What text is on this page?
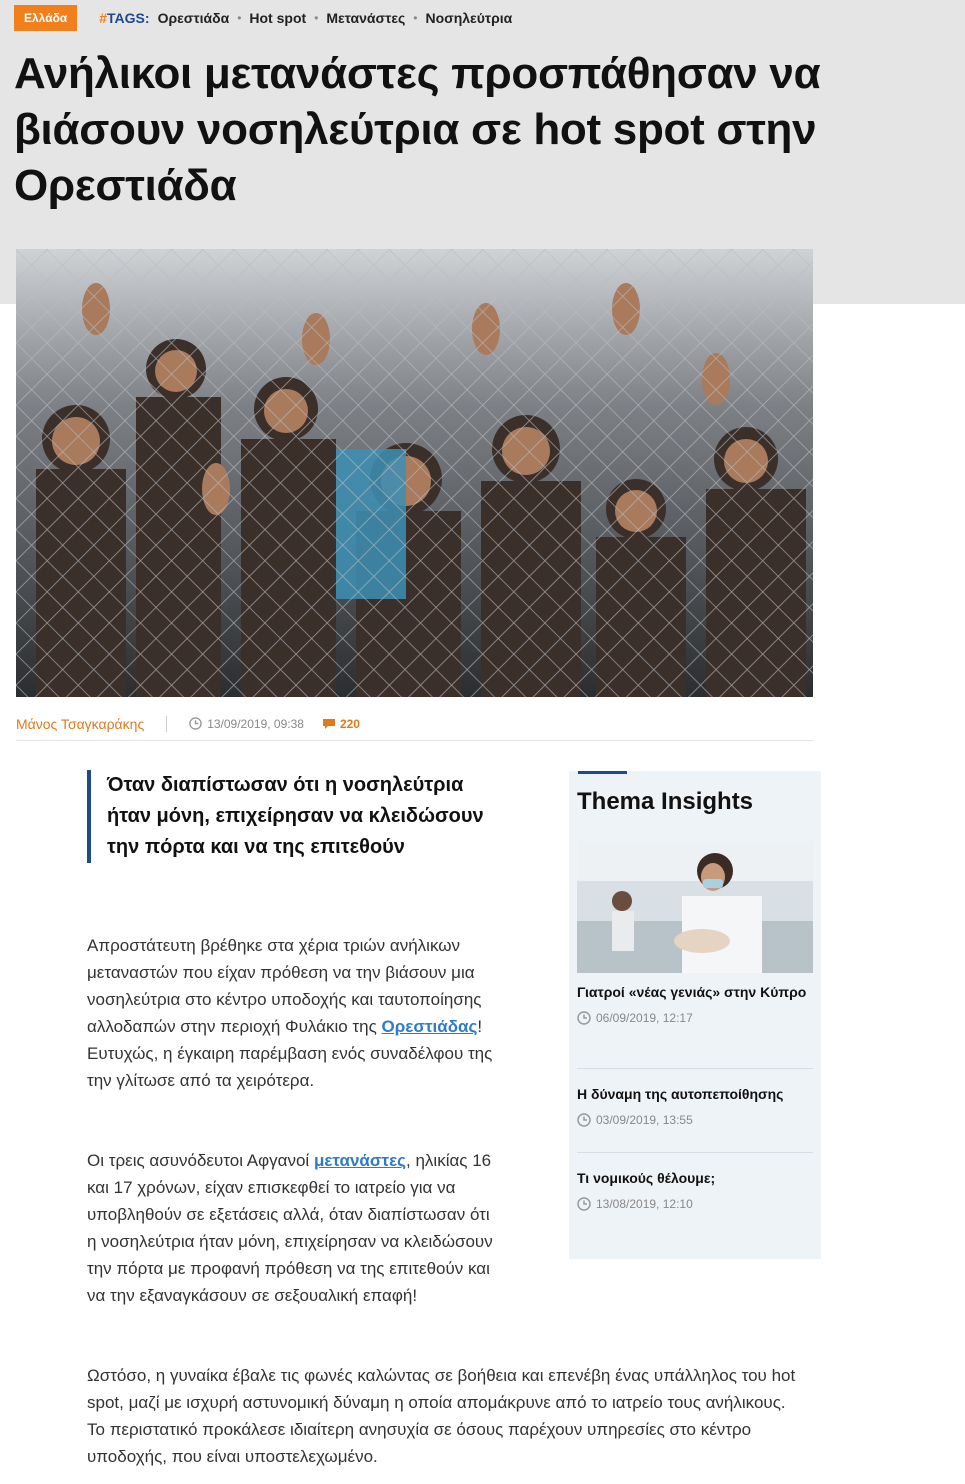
Ελλάδα	#TAGS: Ορεστιάδα • Hot spot • Μετανάστες • Νοσηλεύτρια
Ανήλικοι μετανάστες προσπάθησαν να βιάσουν νοσηλεύτρια σε hot spot στην Ορεστιάδα
Μάνος Τσαγκαράκης	13/09/2019, 09:38	220
Όταν διαπίστωσαν ότι η νοσηλεύτρια ήταν μόνη, επιχείρησαν να κλειδώσουν την πόρτα και να της επιτεθούν

Απροστάτευτη βρέθηκε στα χέρια τριών ανήλικων μεταναστών που είχαν πρόθεση να την βιάσουν μια νοσηλεύτρια στο κέντρο υποδοχής και ταυτοποίησης αλλοδαπών στην περιοχή Φυλάκιο της Ορεστιάδας! Ευτυχώς, η έγκαιρη παρέμβαση ενός συναδέλφου της την γλίτωσε από τα χειρότερα.

Οι τρεις ασυνόδευτοι Αφγανοί μετανάστες, ηλικίας 16 και 17 χρόνων, είχαν επισκεφθεί το ιατρείο για να υποβληθούν σε εξετάσεις αλλά, όταν διαπίστωσαν ότι η νοσηλεύτρια ήταν μόνη, επιχείρησαν να κλειδώσουν την πόρτα με προφανή πρόθεση να της επιτεθούν και να την εξαναγκάσουν σε σεξουαλική επαφή!

Ωστόσο, η γυναίκα έβαλε τις φωνές καλώντας σε βοήθεια και επενέβη ένας υπάλληλος του hot spot, μαζί με ισχυρή αστυνομική δύναμη η οποία απομάκρυνε από το ιατρείο τους ανήλικους. Το περιστατικό προκάλεσε ιδιαίτερη ανησυχία σε όσους παρέχουν υπηρεσίες στο κέντρο υποδοχής, που είναι υποστελεχωμένο.

Thema Insights
Γιατροί «νέας γενιάς» στην Κύπρο
06/09/2019, 12:17
Η δύναμη της αυτοπεποίθησης
03/09/2019, 13:55
Τι νομικούς θέλουμε;
13/08/2019, 12:10
